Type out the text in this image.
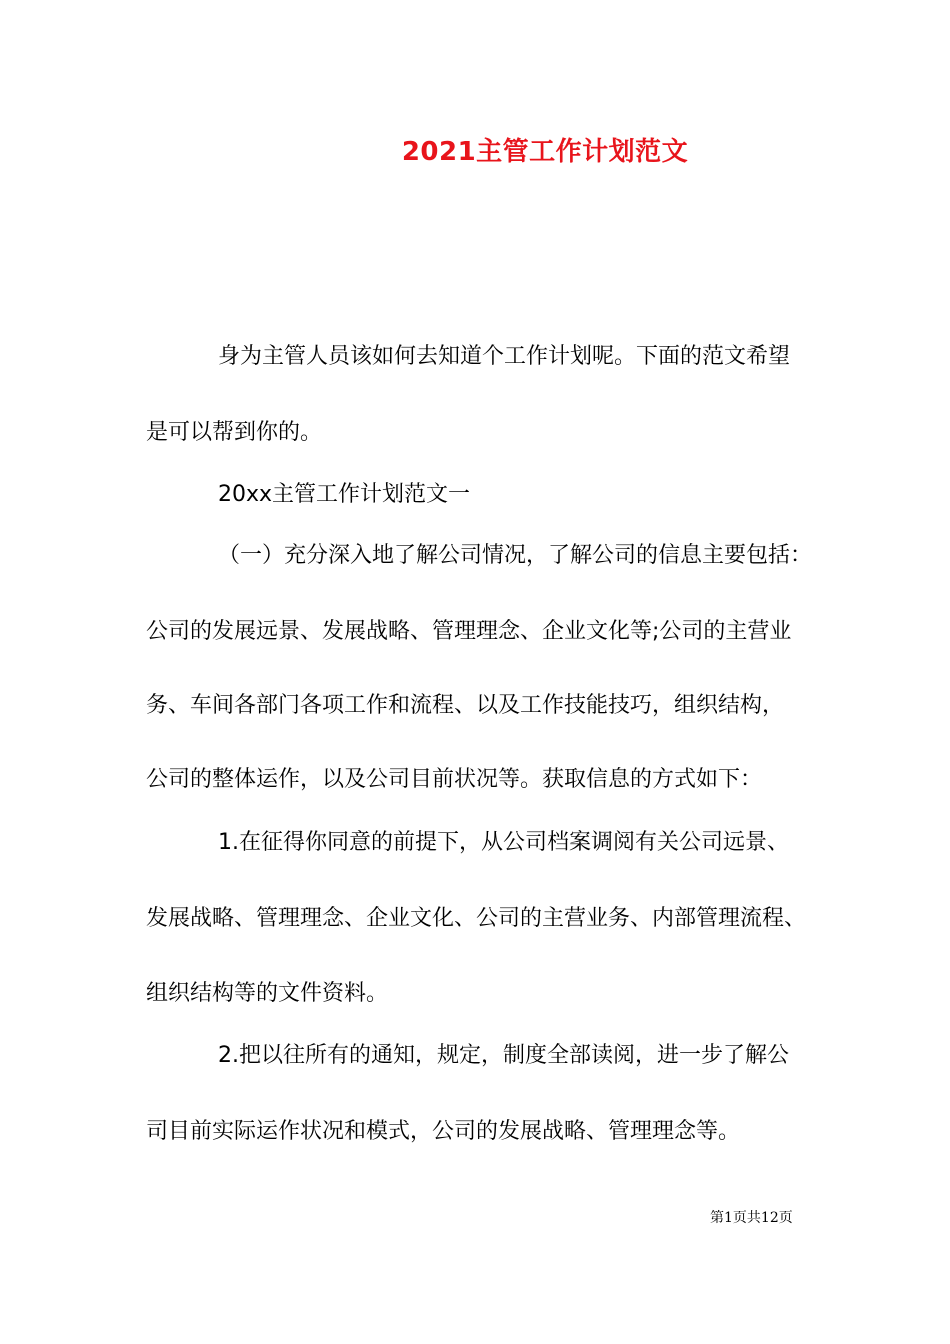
2021主管工作计划范文
身为主管人员该如何去知道个工作计划呢。下面的范文希望
是可以帮到你的。
20xx主管工作计划范文一
（一）充分深入地了解公司情况，了解公司的信息主要包括：
公司的发展远景、发展战略、管理理念、企业文化等;公司的主营业
务、车间各部门各项工作和流程、以及工作技能技巧，组织结构，
公司的整体运作，以及公司目前状况等。获取信息的方式如下：
1.在征得你同意的前提下，从公司档案调阅有关公司远景、
发展战略、管理理念、企业文化、公司的主营业务、内部管理流程、
组织结构等的文件资料。
2.把以往所有的通知，规定，制度全部读阅，进一步了解公
司目前实际运作状况和模式，公司的发展战略、管理理念等。
第1页共12页
